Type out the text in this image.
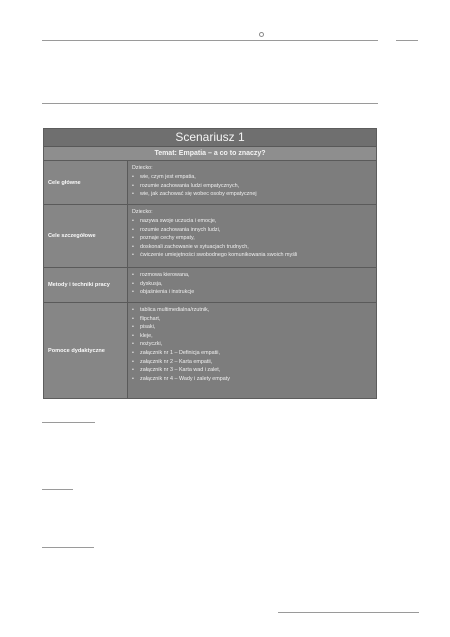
Scenariusz 1
Temat: Empatia – a co to znaczy?
Cele główne
Dziecko:
• wie, czym jest empatia,
• rozumie zachowania ludzi empatycznych,
• wie, jak zachować się wobec osoby empatycznej
Cele szczegółowe
Dziecko:
• nazywa swoje uczucia i emocje,
• rozumie zachowania innych ludzi,
• poznaje cechy empaty,
• doskonali zachowanie w sytuacjach trudnych,
• ćwiczenie umiejętności swobodnego komunikowania swoich myśli
Metody i techniki pracy
• rozmowa kierowana,
• dyskusja,
• objaśnienia i instrukcje
Pomoce dydaktyczne
• tablica multimedialna/rzutnik,
• flipchart,
• pisaki,
• kleje,
• nożyczki,
• załącznik nr 1 – Definicja empatii,
• załącznik nr 2 – Karta empatii,
• załącznik nr 3 – Karta wad i zalet,
• załącznik nr 4 – Wady i zalety empaty
